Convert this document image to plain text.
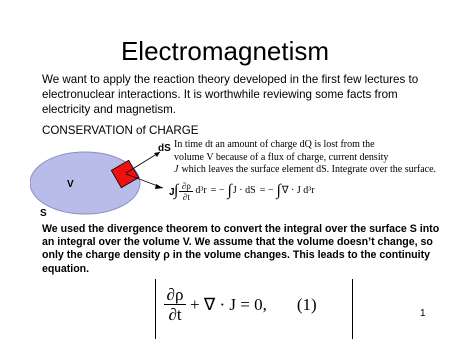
Electromagnetism
We want to apply the reaction theory developed in the first few lectures to electronuclear interactions. It is worthwhile reviewing some facts from electricity and magnetism.
CONSERVATION of CHARGE
dS
V
J
S
In time dt an amount of charge dQ is lost from the
volume V because of a flux of charge, current density
J which leaves the surface element dS. Integrate over the surface.
∫ ∂ρ
∂t
d³r = − ∫ J · dS = − ∫ ∇ · J d³r
We used the divergence theorem to convert the integral over the surface S into an integral over the volume V. We assume that the volume doesn’t change, so only the charge density ρ in the volume changes. This leads to the continuity equation.
∂ρ
∂t
+ ∇ · J = 0, (1)	1
